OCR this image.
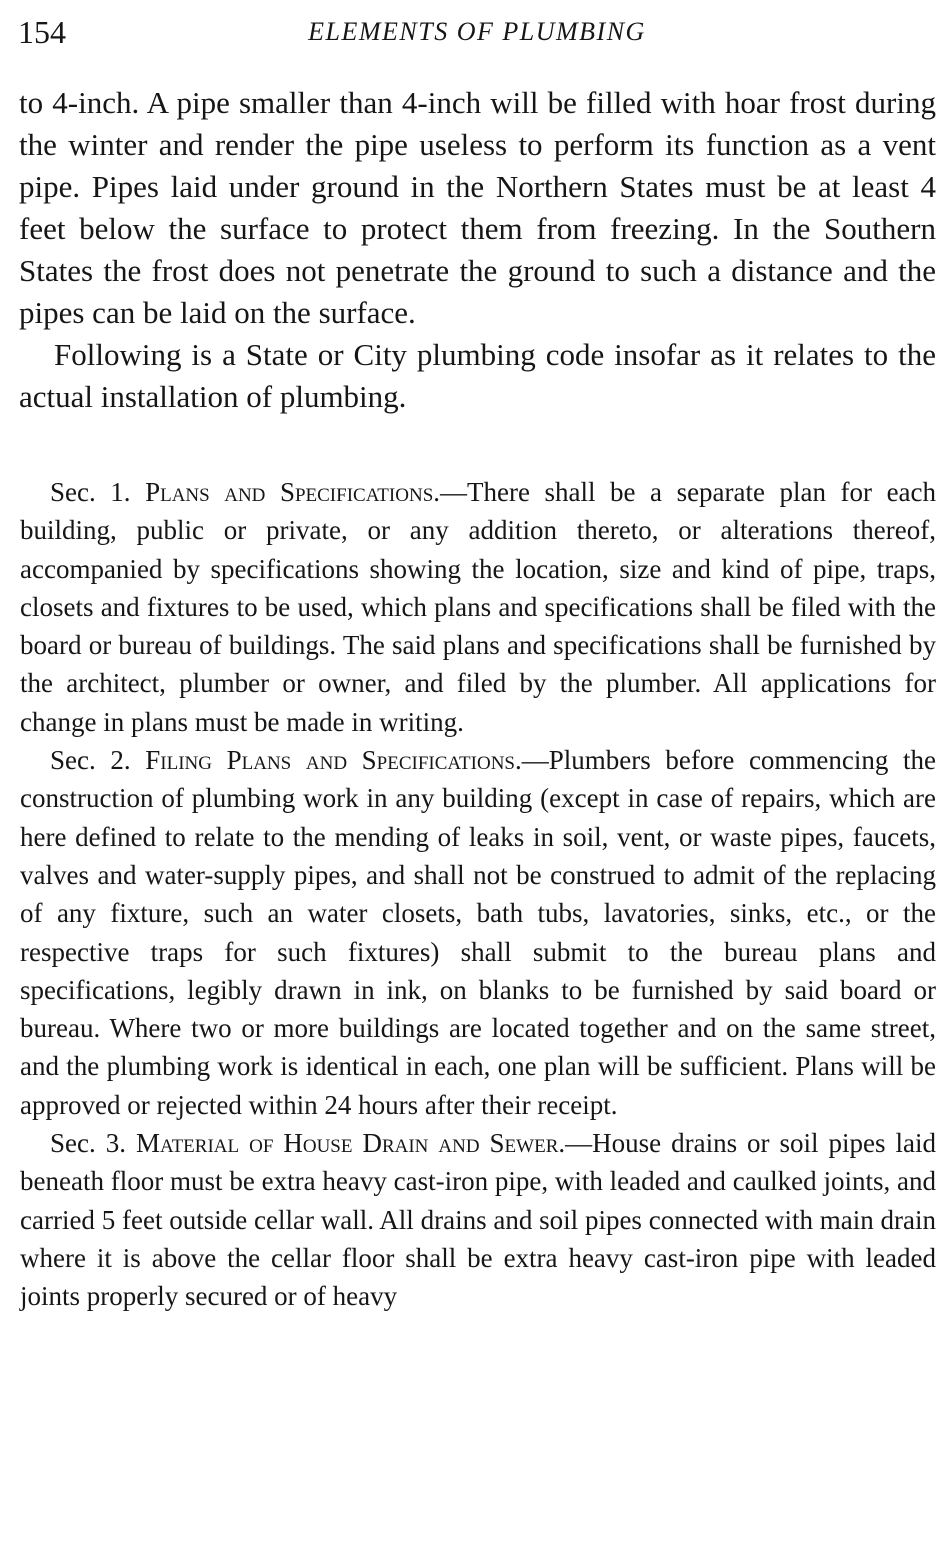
154	ELEMENTS OF PLUMBING

to 4-inch. A pipe smaller than 4-inch will be filled with hoar frost during the winter and render the pipe useless to perform its function as a vent pipe. Pipes laid under ground in the Northern States must be at least 4 feet below the surface to protect them from freezing. In the Southern States the frost does not penetrate the ground to such a distance and the pipes can be laid on the surface.

Following is a State or City plumbing code insofar as it relates to the actual installation of plumbing.

Sec. 1. Plans and Specifications.—There shall be a separate plan for each building, public or private, or any addition thereto, or alterations thereof, accompanied by specifications showing the location, size and kind of pipe, traps, closets and fixtures to be used, which plans and specifications shall be filed with the board or bureau of buildings. The said plans and specifications shall be furnished by the architect, plumber or owner, and filed by the plumber. All applications for change in plans must be made in writing.

Sec. 2. Filing Plans and Specifications.—Plumbers before commencing the construction of plumbing work in any building (except in case of repairs, which are here defined to relate to the mending of leaks in soil, vent, or waste pipes, faucets, valves and water-supply pipes, and shall not be construed to admit of the replacing of any fixture, such an water closets, bath tubs, lavatories, sinks, etc., or the respective traps for such fixtures) shall submit to the bureau plans and specifications, legibly drawn in ink, on blanks to be furnished by said board or bureau. Where two or more buildings are located together and on the same street, and the plumbing work is identical in each, one plan will be sufficient. Plans will be approved or rejected within 24 hours after their receipt.

Sec. 3. Material of House Drain and Sewer.—House drains or soil pipes laid beneath floor must be extra heavy cast-iron pipe, with leaded and caulked joints, and carried 5 feet outside cellar wall. All drains and soil pipes connected with main drain where it is above the cellar floor shall be extra heavy cast-iron pipe with leaded joints properly secured or of heavy
